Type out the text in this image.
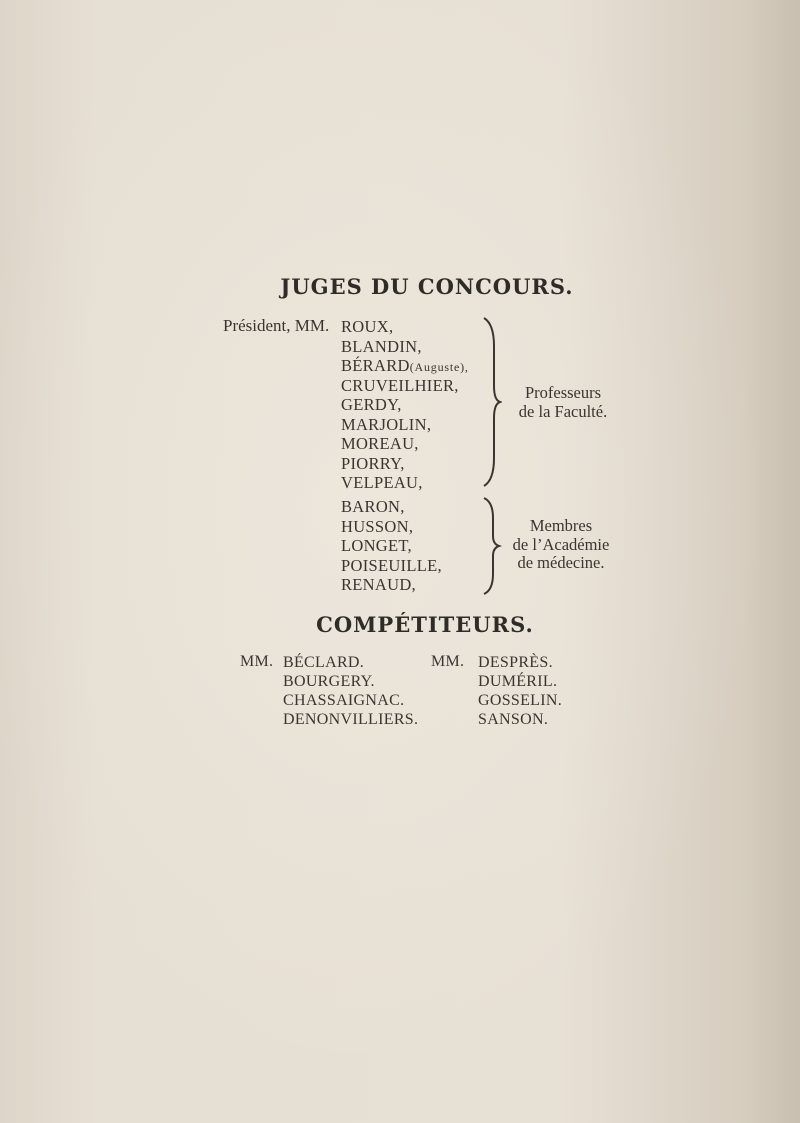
JUGES DU CONCOURS.
Président, MM. ROUX,
BLANDIN,
BÉRARD(Auguste),
CRUVEILHIER,
GERDY,
MARJOLIN,
MOREAU,
PIORRY,
VELPEAU,
Professeurs
de la Faculté.
BARON,
HUSSON,
LONGET,
POISEUILLE,
RENAUD,
Membres
de l’Académie
de médecine.
COMPÉTITEURS.
MM. BÉCLARD.
BOURGERY.
CHASSAIGNAC.
DENONVILLIERS.
MM. DESPRÈS.
DUMÉRIL.
GOSSELIN.
SANSON.
